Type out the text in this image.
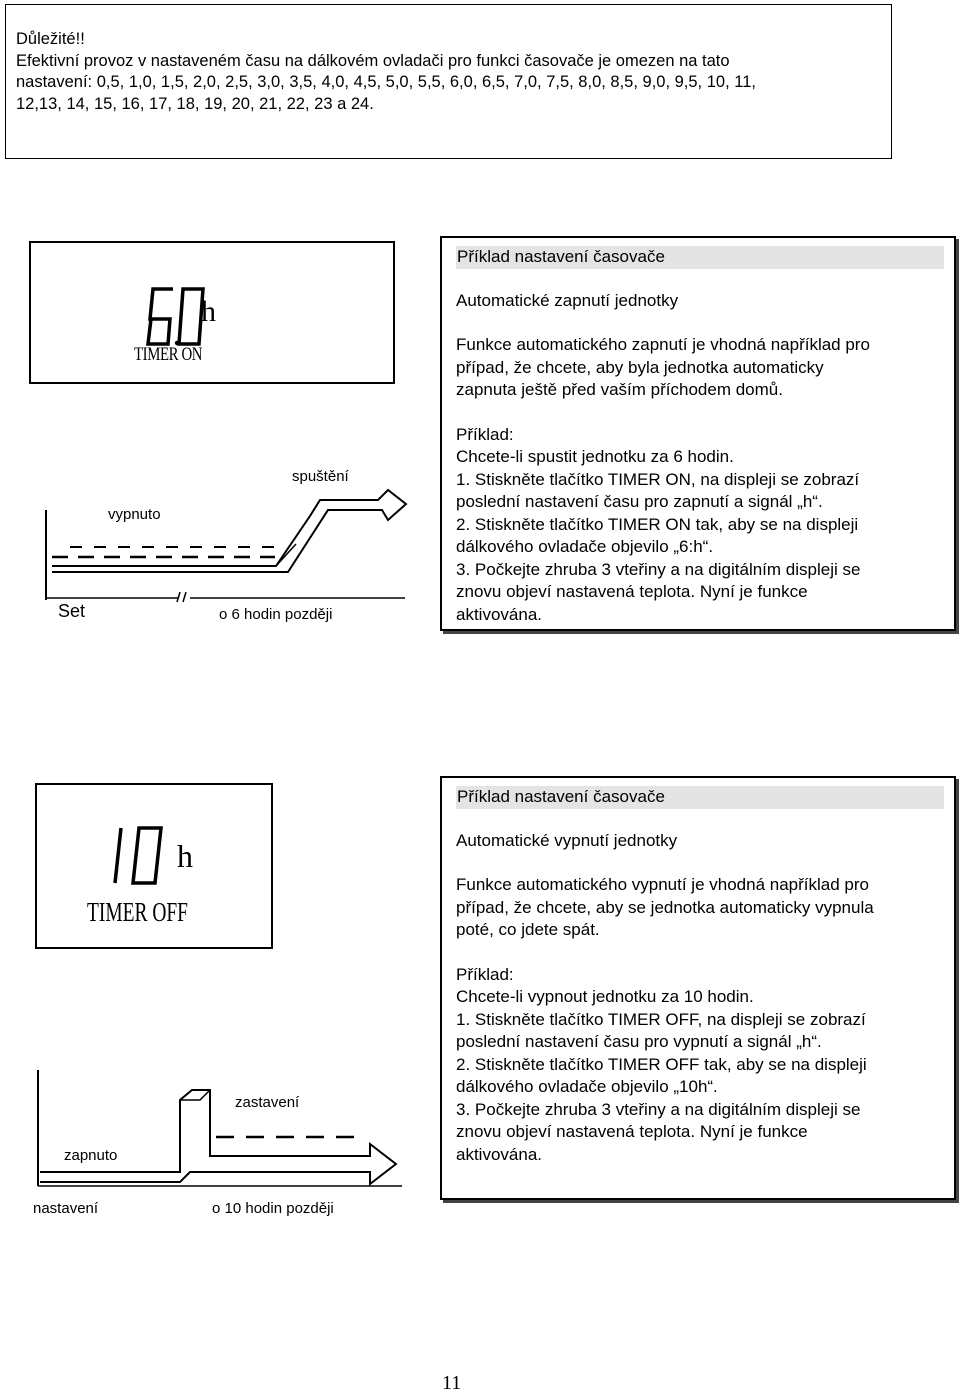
Důležité!!

Efektivní provoz v nastaveném času na dálkovém ovladači pro funkci časovače je omezen na tato

nastavení: 0,5, 1,0, 1,5, 2,0, 2,5, 3,0, 3,5, 4,0, 4,5, 5,0, 5,5, 6,0, 6,5, 7,0, 7,5, 8,0, 8,5, 9,0, 9,5, 10, 11,

12,13, 14, 15, 16, 17, 18, 19, 20, 21, 22, 23 a 24.

h
TIMER ON
vypnuto
spuštění
Set	o 6 hodin později

Příklad nastavení časovače

Automatické zapnutí jednotky

Funkce automatického zapnutí je vhodná například pro

případ, že chcete, aby byla jednotka automaticky

zapnuta ještě před vaším příchodem domů.

Příklad:

Chcete-li spustit jednotku za 6 hodin.

1. Stiskněte tlačítko TIMER ON, na displeji se zobrazí

poslední nastavení času pro zapnutí a signál „h“.

2. Stiskněte tlačítko TIMER ON tak, aby se na displeji

dálkového ovladače objevilo „6:h“.

3. Počkejte zhruba 3 vteřiny a na digitálním displeji se

znovu objeví nastavená teplota. Nyní je funkce

aktivována.

h
TIMER OFF
zapnuto
zastavení
nastavení	o 10 hodin později

Příklad nastavení časovače

Automatické vypnutí jednotky

Funkce automatického vypnutí je vhodná například pro

případ, že chcete, aby se jednotka automaticky vypnula

poté, co jdete spát.

Příklad:

Chcete-li vypnout jednotku za 10 hodin.

1. Stiskněte tlačítko TIMER OFF, na displeji se zobrazí

poslední nastavení času pro vypnutí a signál „h“.

2. Stiskněte tlačítko TIMER OFF tak, aby se na displeji

dálkového ovladače objevilo „10h“.

3. Počkejte zhruba 3 vteřiny a na digitálním displeji se

znovu objeví nastavená teplota. Nyní je funkce

aktivována.

11
